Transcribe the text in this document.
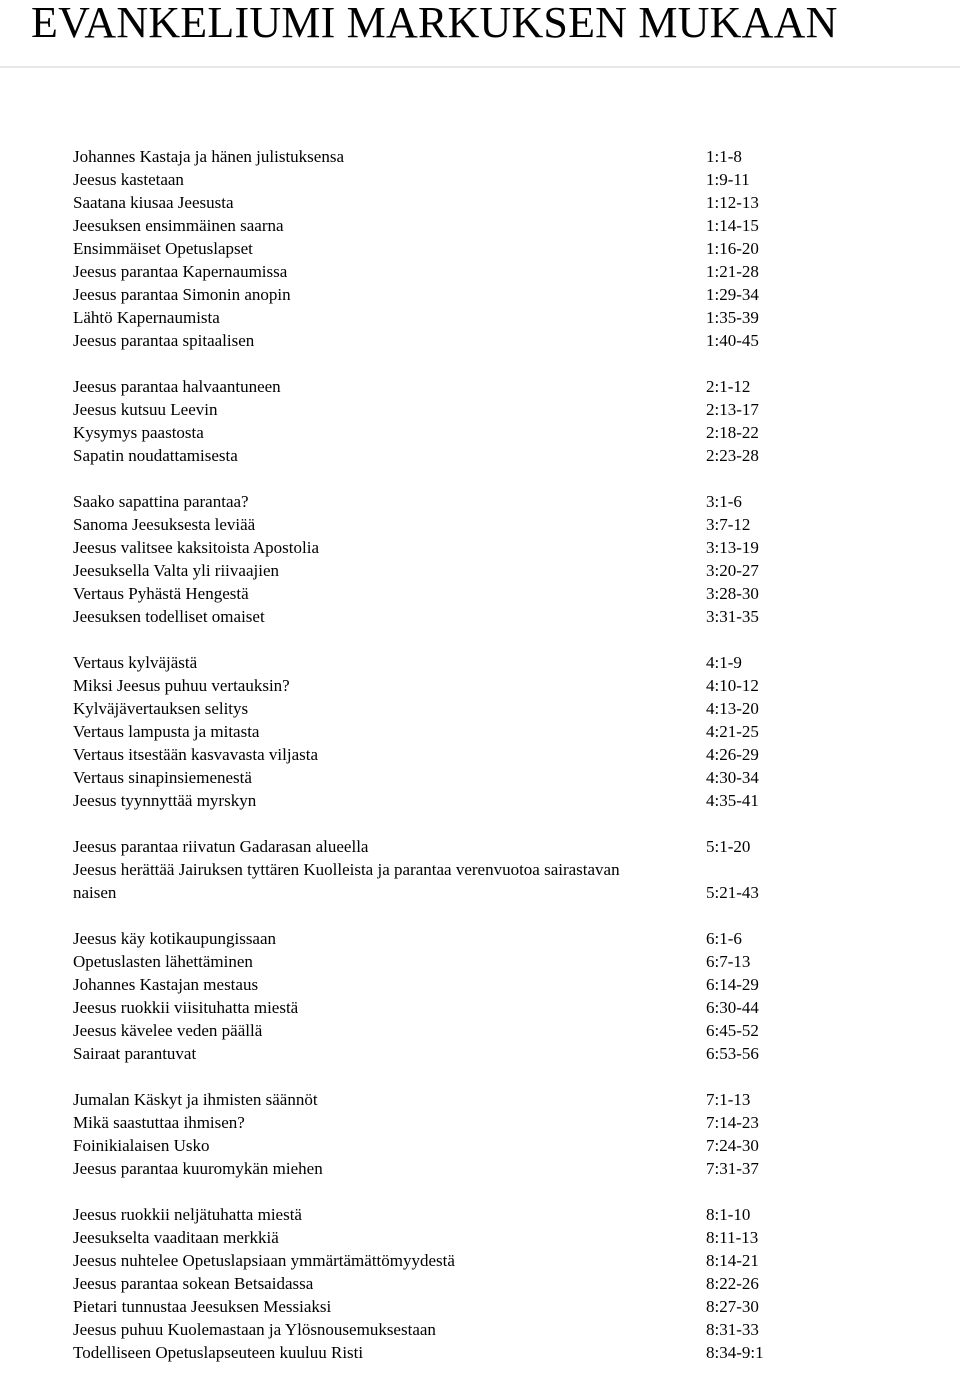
EVANKELIUMI MARKUKSEN MUKAAN
Johannes Kastaja ja hänen julistuksensa	1:1-8
Jeesus kastetaan	1:9-11
Saatana kiusaa Jeesusta	1:12-13
Jeesuksen ensimmäinen saarna	1:14-15
Ensimmäiset Opetuslapset	1:16-20
Jeesus parantaa Kapernaumissa	1:21-28
Jeesus parantaa Simonin anopin	1:29-34
Lähtö Kapernaumista	1:35-39
Jeesus parantaa spitaalisen	1:40-45
Jeesus parantaa halvaantuneen	2:1-12
Jeesus kutsuu Leevin	2:13-17
Kysymys paastosta	2:18-22
Sapatin noudattamisesta	2:23-28
Saako sapattina parantaa?	3:1-6
Sanoma Jeesuksesta leviää	3:7-12
Jeesus valitsee kaksitoista Apostolia	3:13-19
Jeesuksella Valta yli riivaajien	3:20-27
Vertaus Pyhästä Hengestä	3:28-30
Jeesuksen todelliset omaiset	3:31-35
Vertaus kylväjästä	4:1-9
Miksi Jeesus puhuu vertauksin?	4:10-12
Kylväjävertauksen selitys	4:13-20
Vertaus lampusta ja mitasta	4:21-25
Vertaus itsestään kasvavasta viljasta	4:26-29
Vertaus sinapinsiemenestä	4:30-34
Jeesus tyynnyttää myrskyn	4:35-41
Jeesus parantaa riivatun Gadarasan alueella	5:1-20
Jeesus herättää Jairuksen tyttären Kuolleista ja parantaa verenvuotoa sairastavan naisen	5:21-43
Jeesus käy kotikaupungissaan	6:1-6
Opetuslasten lähettäminen	6:7-13
Johannes Kastajan mestaus	6:14-29
Jeesus ruokkii viisituhatta miestä	6:30-44
Jeesus kävelee veden päällä	6:45-52
Sairaat parantuvat	6:53-56
Jumalan Käskyt ja ihmisten säännöt	7:1-13
Mikä saastuttaa ihmisen?	7:14-23
Foinikialaisen Usko	7:24-30
Jeesus parantaa kuuromykän miehen	7:31-37
Jeesus ruokkii neljätuhatta miestä	8:1-10
Jeesukselta vaaditaan merkkiä	8:11-13
Jeesus nuhtelee Opetuslapsiaan ymmärtämättömyydestä	8:14-21
Jeesus parantaa sokean Betsaidassa	8:22-26
Pietari tunnustaa Jeesuksen Messiaksi	8:27-30
Jeesus puhuu Kuolemastaan ja Ylösnousemuksestaan	8:31-33
Todelliseen Opetuslapseuteen kuuluu Risti	8:34-9:1
